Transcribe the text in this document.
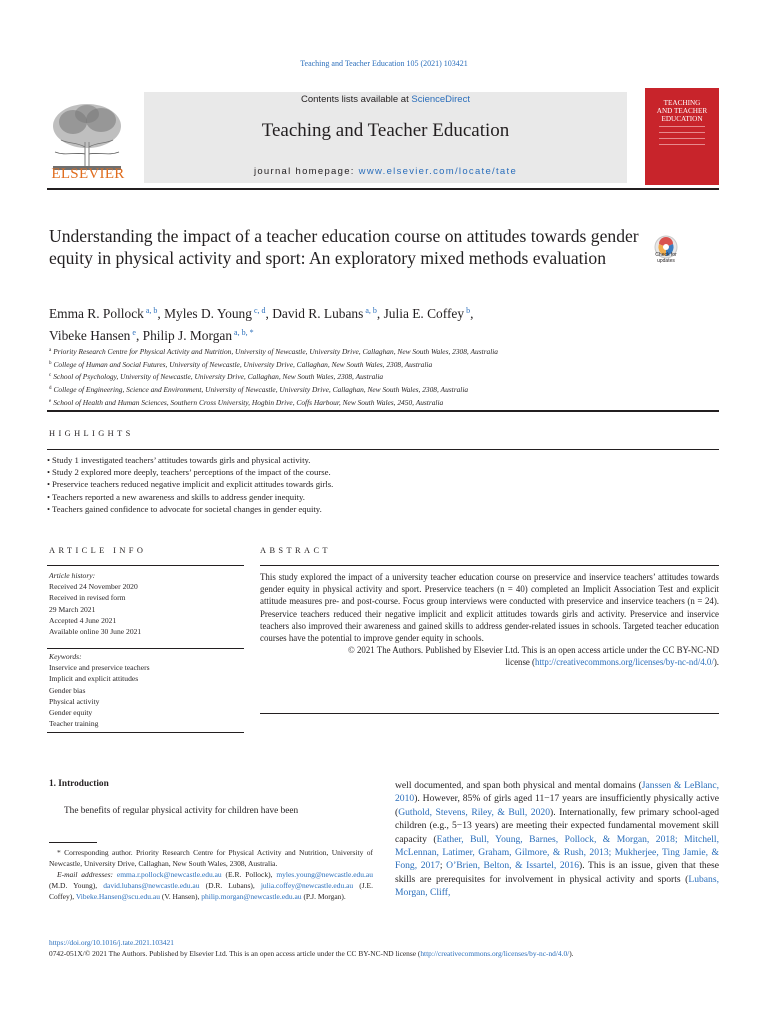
Teaching and Teacher Education 105 (2021) 103421
ELSEVIER
Contents lists available at ScienceDirect
Teaching and Teacher Education
journal homepage: www.elsevier.com/locate/tate
TEACHING
AND TEACHER
EDUCATION
Understanding the impact of a teacher education course on attitudes towards gender equity in physical activity and sport: An exploratory mixed methods evaluation	Check for
updates
Emma R. Pollock $^{a, b}$, Myles D. Young $^{c, d}$, David R. Lubans $^{a, b}$, Julia E. Coffey $^b$,
Vibeke Hansen $^e$, Philip J. Morgan $^{a, b, *}$
$^a$ Priority Research Centre for Physical Activity and Nutrition, University of Newcastle, University Drive, Callaghan, New South Wales, 2308, Australia
$^b$ College of Human and Social Futures, University of Newcastle, University Drive, Callaghan, New South Wales, 2308, Australia
$^c$ School of Psychology, University of Newcastle, University Drive, Callaghan, New South Wales, 2308, Australia
$^d$ College of Engineering, Science and Environment, University of Newcastle, University Drive, Callaghan, New South Wales, 2308, Australia
$^e$ School of Health and Human Sciences, Southern Cross University, Hogbin Drive, Coffs Harbour, New South Wales, 2450, Australia
HIGHLIGHTS
• Study 1 investigated teachers’ attitudes towards girls and physical activity.
• Study 2 explored more deeply, teachers’ perceptions of the impact of the course.
• Preservice teachers reduced negative implicit and explicit attitudes towards girls.
• Teachers reported a new awareness and skills to address gender inequity.
• Teachers gained confidence to advocate for societal changes in gender equity.
ARTICLE INFO
Article history:
Received 24 November 2020
Received in revised form
29 March 2021
Accepted 4 June 2021
Available online 30 June 2021
Keywords:
Inservice and preservice teachers
Implicit and explicit attitudes
Gender bias
Physical activity
Gender equity
Teacher training
ABSTRACT
This study explored the impact of a university teacher education course on preservice and inservice teachers’ attitudes towards gender equity in physical activity and sport. Preservice teachers (n = 40) completed an Implicit Association Test and explicit attitude measures pre- and post-course. Focus group interviews were conducted with preservice and inservice teachers (n = 24). Preservice teachers reduced their negative implicit and explicit attitudes towards girls and activity. Preservice and inservice teachers also improved their awareness and gained skills to address gender-related issues in schools. Targeted teacher education courses have the potential to improve gender equity in schools.

© 2021 The Authors. Published by Elsevier Ltd. This is an open access article under the CC BY-NC-ND
license (http://creativecommons.org/licenses/by-nc-nd/4.0/).

1. Introduction
The benefits of regular physical activity for children have been
* Corresponding author. Priority Research Centre for Physical Activity and Nutrition, University of Newcastle, University Drive, Callaghan, New South Wales, 2308, Australia.
E-mail addresses: emma.r.pollock@newcastle.edu.au (E.R. Pollock), myles.young@newcastle.edu.au (M.D. Young), david.lubans@newcastle.edu.au (D.R. Lubans), julia.coffey@newcastle.edu.au (J.E. Coffey), Vibeke.Hansen@scu.edu.au (V. Hansen), philip.morgan@newcastle.edu.au (P.J. Morgan).
well documented, and span both physical and mental domains (Janssen & LeBlanc, 2010). However, 85% of girls aged 11−17 years are insufficiently physically active (Guthold, Stevens, Riley, & Bull, 2020). Internationally, few primary school-aged children (e.g., 5−13 years) are meeting their expected fundamental movement skill capacity (Eather, Bull, Young, Barnes, Pollock, & Morgan, 2018; Mitchell, McLennan, Latimer, Graham, Gilmore, & Rush, 2013; Mukherjee, Ting Jamie, & Fong, 2017; O’Brien, Belton, & Issartel, 2016). This is an issue, given that these skills are prerequisites for involvement in physical activity and sports (Lubans, Morgan, Cliff,
https://doi.org/10.1016/j.tate.2021.103421
0742-051X/© 2021 The Authors. Published by Elsevier Ltd. This is an open access article under the CC BY-NC-ND license (http://creativecommons.org/licenses/by-nc-nd/4.0/).
